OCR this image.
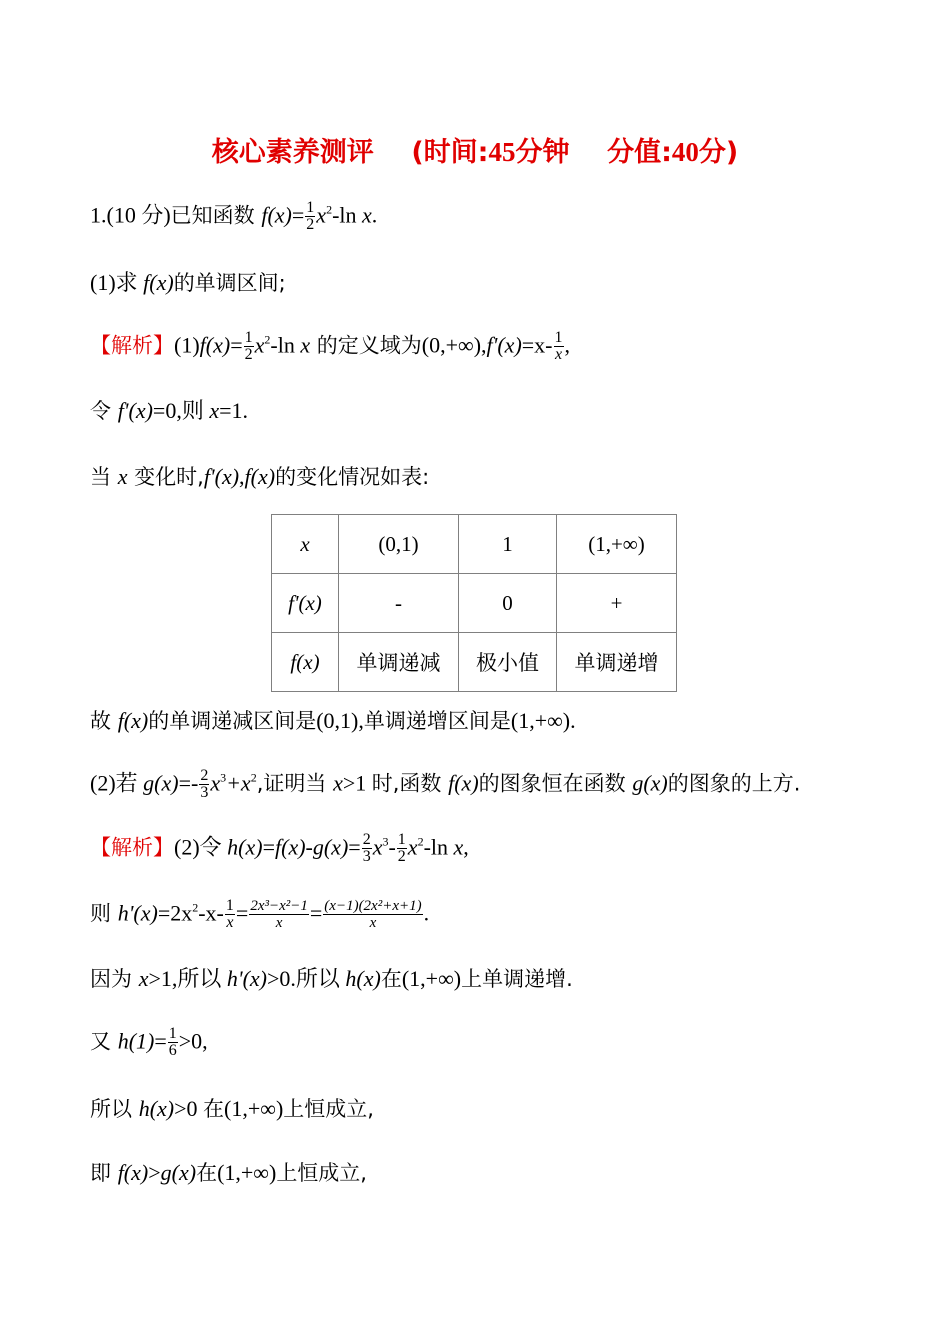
核心素养测评 (时间:45分钟 分值:40分)
1.(10 分)已知函数 $f(x)= \frac{1}{2} x^2-\ln$ x.
(1)求 f(x)的单调区间;
【解析】$(1)f(x)= \frac{1}{2} x^2-\ln$ x 的定义域为$(0,+\infty),f'(x)=x- \frac{1}{x}$ ,
令 f'(x)=0,则 x=1.
当 x 变化时,f'(x),f(x)的变化情况如表:
x	(0,1)	1	(1,+∞)
f'(x)	-	0	+
f(x)	单调递减	极小值	单调递增
故 f(x)的单调递减区间是(0,1),单调递增区间是(1,+∞).
(2)若 $g(x)=- \frac{2}{3} x^3+x^2$,证明当 x>1 时,函数 f(x)的图象恒在函数 g(x)的图象的上方.
【解析】(2)令 $h(x)=f(x)-g(x)= \frac{2}{3} x^3- \frac{1}{2} x^2-\ln$ x,
则 $h'(x)=2x^2-x- \frac{1}{x} = \frac{\text{2x³−x²−1}}{x} = \frac{\text{(x−1)(2x²+x+1)}}{x}$ .
因为 x>1,所以 h'(x)>0.所以 h(x)在(1,+∞)上单调递增.
又 $h(1)= \frac{1}{6} >0$,
所以 h(x)>0 在(1,+∞)上恒成立,
即 f(x)>g(x)在(1,+∞)上恒成立,
